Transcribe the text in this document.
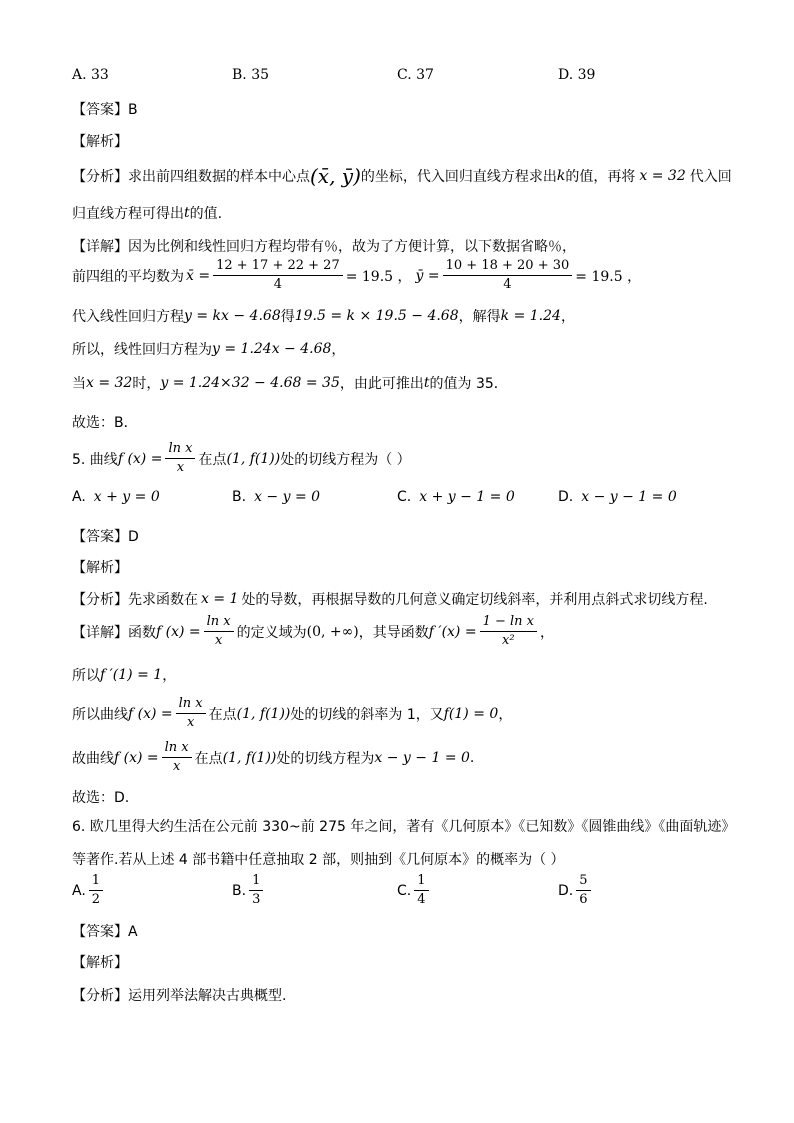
A. 33	B. 35	C. 37	D. 39
【答案】B
【解析】
【分析】求出前四组数据的样本中心点 (x̄, ȳ) 的坐标，代入回归直线方程求出 k 的值，再将 x = 32 代入回
归直线方程可得出 t 的值.
【详解】因为比例和线性回归方程均带有％，故为了方便计算，以下数据省略％，
前四组的平均数为 x̄ = $\frac{12 + 17 + 22 + 27}{4} = 19.5$ ， ȳ = $\frac{10 + 18 + 20 + 30}{4} = 19.5$ ，
代入线性回归方程 y = kx − 4.68 得 19.5 = k × 19.5 − 4.68 ，解得 k = 1.24 ，
所以，线性回归方程为 y = 1.24x − 4.68 ，
当 x = 32 时， y = 1.24×32 − 4.68 = 35 ，由此可推出 t 的值为 35．
故选：B．
5. 曲线 f $(x) = \frac{\text{ln x}}{x}$ 在点 (1, f(1)) 处的切线方程为（ ）
A. x + y = 0	B. x − y = 0	C. x + y − 1 = 0	D. x − y − 1 = 0
【答案】D
【解析】
【分析】先求函数在 x = 1 处的导数，再根据导数的几何意义确定切线斜率，并利用点斜式求切线方程.
【详解】函数 f $(x) = \frac{\text{ln x}}{x}$ 的定义域为 (0, +∞) ，其导函数 f $'(x) = \frac{\text{1 − ln x}}{\text{x²}}$ ，
所以 f ′(1) = 1 ，
所以曲线 f $(x) = \frac{\text{ln x}}{x}$ 在点 (1, f(1)) 处的切线的斜率为 1，又 f(1) = 0 ，
故曲线 f $(x) = \frac{\text{ln x}}{x}$ 在点 (1, f(1)) 处的切线方程为 x − y − 1 = 0 .
故选：D.
6. 欧几里得大约生活在公元前 330~前 275 年之间，著有《几何原本》《已知数》《圆锥曲线》《曲面轨迹》
等著作.若从上述 4 部书籍中任意抽取 2 部，则抽到《几何原本》的概率为（ ）
A. $\frac{1}{2}$	B. $\frac{1}{3}$	C. $\frac{1}{4}$	D. $\frac{5}{6}$
【答案】A
【解析】
【分析】运用列举法解决古典概型.
